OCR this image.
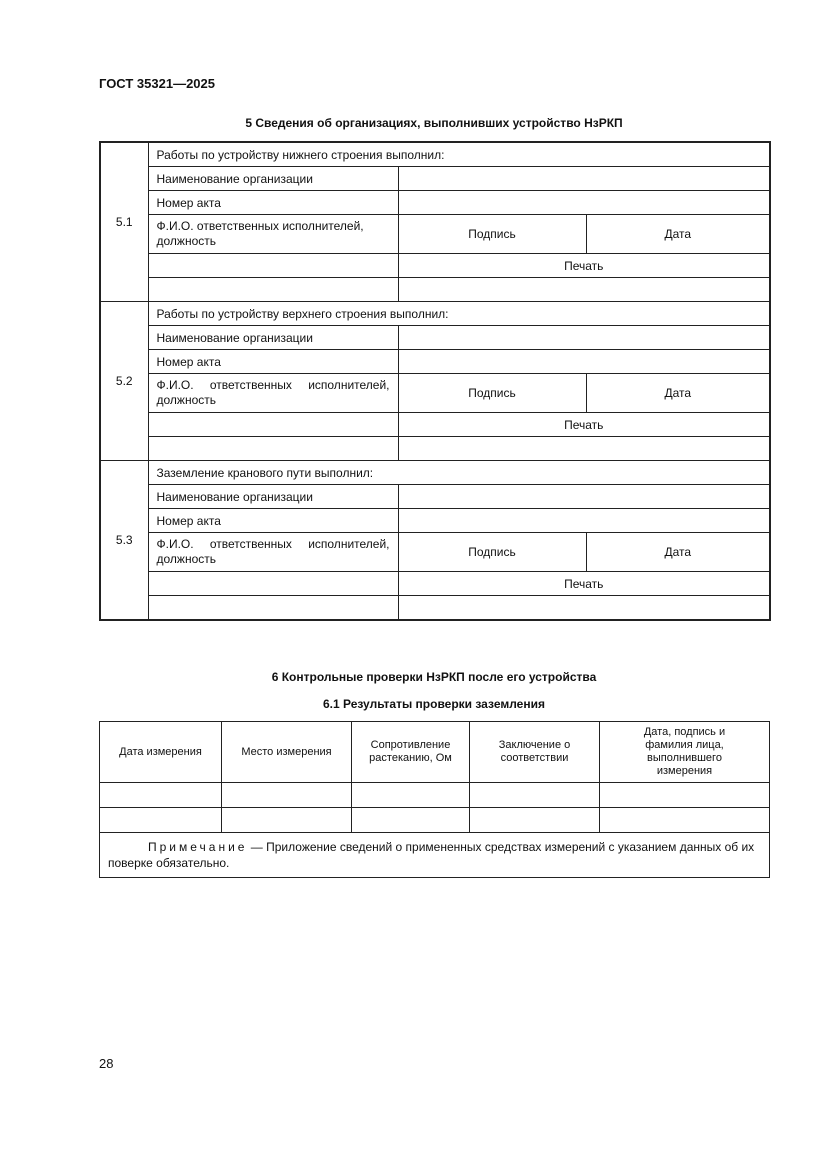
ГОСТ 35321—2025
5 Сведения об организациях, выполнивших устройство НзРКП
5.1	Работы по устройству нижнего строения выполнил:		
	Наименование организации		
	Номер акта		
	Ф.И.О. ответственных исполнителей, должность	Подпись	Дата
		Печать	

5.2	Работы по устройству верхнего строения выполнил:		
	Наименование организации		
	Номер акта		

	Ф.И.О. ответственных исполнителей, должность	Подпись	Дата
		Печать	

5.3	Заземление кранового пути выполнил:		
	Наименование организации		
	Номер акта		

	Ф.И.О. ответственных исполнителей, должность	Подпись	Дата
		Печать	

6 Контрольные проверки НзРКП после его устройства
6.1 Результаты проверки заземления
Дата измерения	Место измерения	Сопротивление растеканию, Ом	Заключение о соответствии	Дата, подпись и фамилия лица, выполнившего измерения

Примечание — Приложение сведений о примененных средствах измерений с указанием данных об их поверке обязательно.				
28
